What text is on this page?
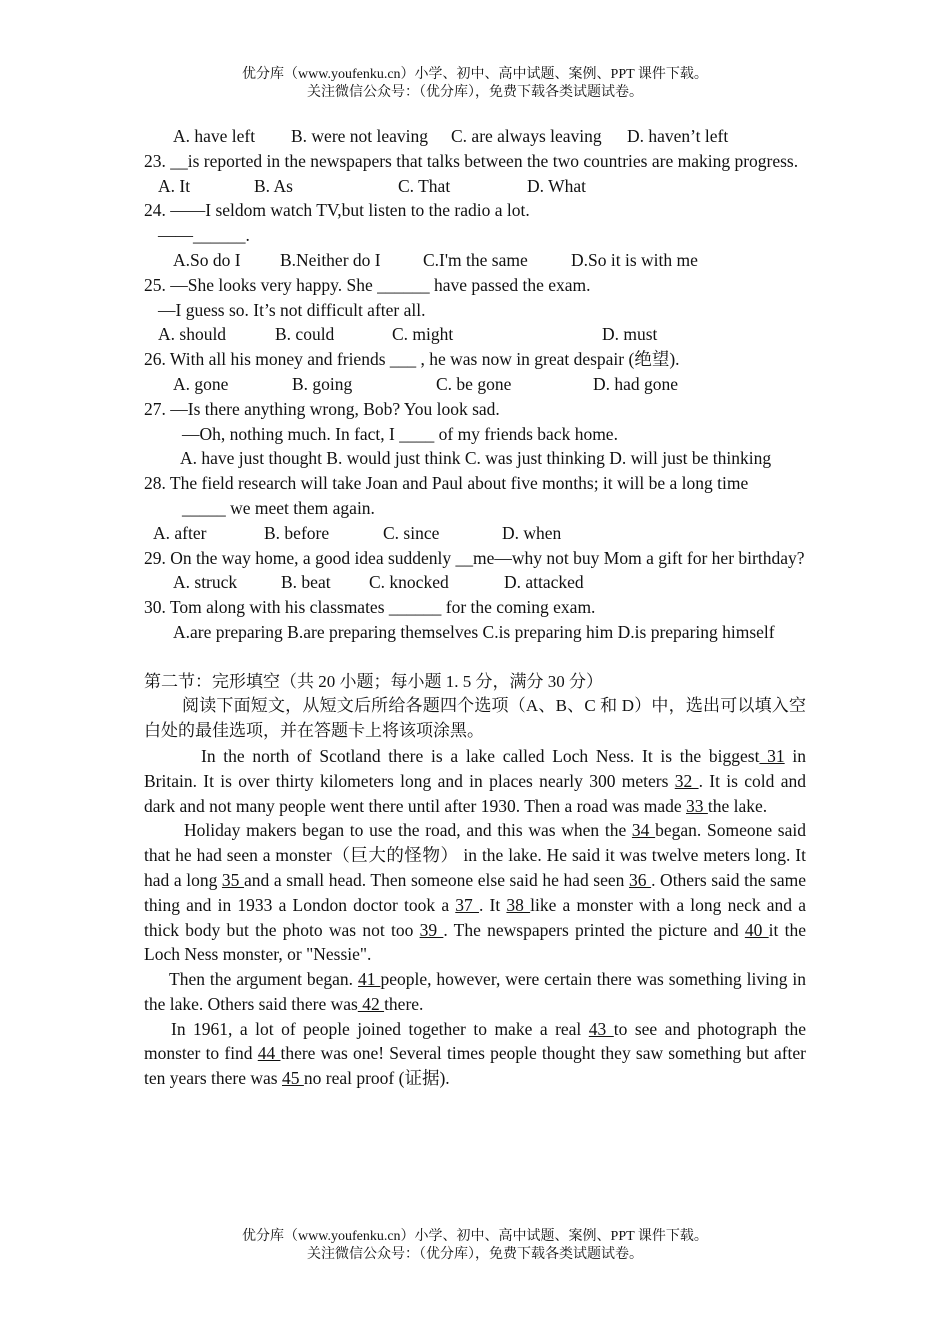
优分库（www.youfenku.cn）小学、初中、高中试题、案例、PPT 课件下载。
关注微信公众号：（优分库），免费下载各类试题试卷。
A. have left B. were not leaving C. are always leaving D. haven’t left
23. __is reported in the newspapers that talks between the two countries are making progress.
A. It	B. As	C. That	D. What
24. ——I seldom watch TV,but listen to the radio a lot.
——______.
A.So do I B.Neither do I C.I'm the same D.So it is with me
25. —She looks very happy. She ______ have passed the exam.
—I guess so. It’s not difficult after all.
A. should	B. could	C. might	D. must
26. With all his money and friends ___ , he was now in great despair (绝望).
A. gone	B. going	C. be gone	D. had gone
27. —Is there anything wrong, Bob? You look sad.
—Oh, nothing much. In fact, I ____ of my friends back home.
A. have just thought B. would just think C. was just thinking D. will just be thinking
28. The field research will take Joan and Paul about five months; it will be a long time
_____ we meet them again.
A. after	B. before	C. since	D. when
29. On the way home, a good idea suddenly __me—why not buy Mom a gift for her birthday?
A. struck	B. beat C. knocked	D. attacked
30. Tom along with his classmates ______ for the coming exam.
A.are preparing B.are preparing themselves C.is preparing him D.is preparing himself
第二节：完形填空（共 20 小题；每小题 1. 5 分，满分 30 分）
阅读下面短文，从短文后所给各题四个选项（A、B、C 和 D）中，选出可以填入空白处的最佳选项，并在答题卡上将该项涂黑。
In the north of Scotland there is a lake called Loch Ness. It is the biggest 31 in Britain. It is over thirty kilometers long and in places nearly 300 meters 32 . It is cold and dark and not many people went there until after 1930. Then a road was made 33 the lake.
Holiday makers began to use the road, and this was when the 34 began. Someone said that he had seen a monster（巨大的怪物） in the lake. He said it was twelve meters long. It had a long 35 and a small head. Then someone else said he had seen 36 . Others said the same thing and in 1933 a London doctor took a 37 . It 38 like a monster with a long neck and a thick body but the photo was not too 39 . The newspapers printed the picture and 40 it the Loch Ness monster, or "Nessie".
Then the argument began. 41 people, however, were certain there was something living in the lake. Others said there was 42 there.
In 1961, a lot of people joined together to make a real 43 to see and photograph the monster to find 44 there was one! Several times people thought they saw something but after ten years there was 45 no real proof (证据).
优分库（www.youfenku.cn）小学、初中、高中试题、案例、PPT 课件下载。
关注微信公众号：（优分库），免费下载各类试题试卷。
